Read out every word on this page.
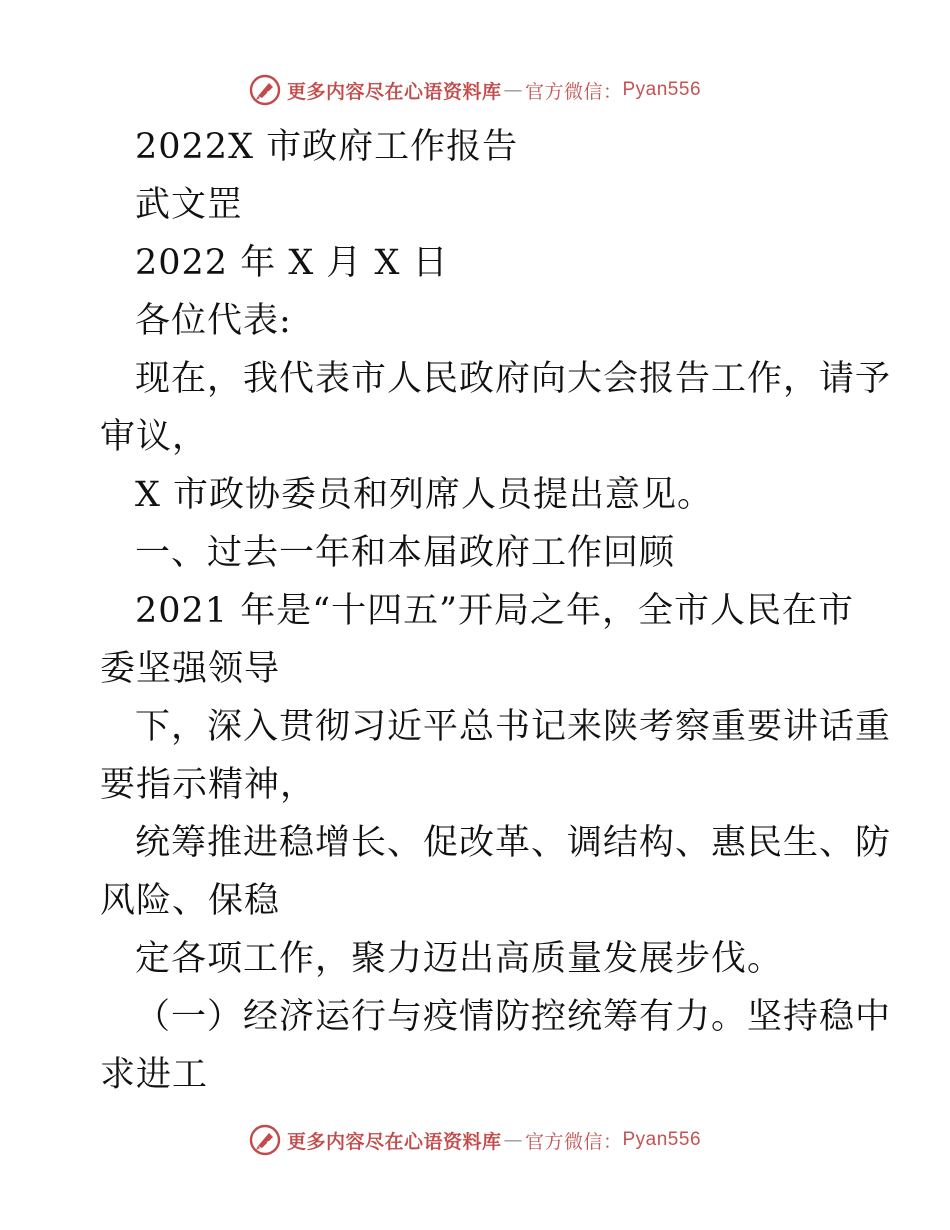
更多内容尽在心语资料库 — 官方微信： Pyan556
2022X 市政府工作报告
武文罡
2022 年 X 月 X 日
各位代表:
现在，我代表市人民政府向大会报告工作，请予
审议，
X 市政协委员和列席人员提出意见。
一、过去一年和本届政府工作回顾
2021 年是“十四五”开局之年，全市人民在市
委坚强领导
下，深入贯彻习近平总书记来陕考察重要讲话重
要指示精神，
统筹推进稳增长、促改革、调结构、惠民生、防
风险、保稳
定各项工作，聚力迈出高质量发展步伐。
（一）经济运行与疫情防控统筹有力。坚持稳中
求进工
更多内容尽在心语资料库 — 官方微信： Pyan556
